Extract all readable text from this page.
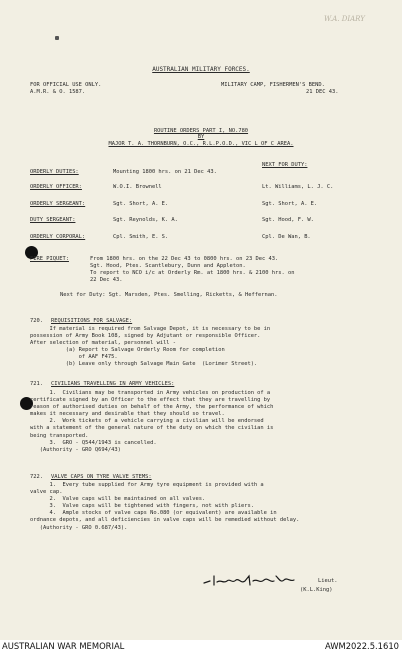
W.A. DIARY
AUSTRALIAN MILITARY FORCES.
FOR OFFICIAL USE ONLY.
A.M.R. & O. 1587.
MILITARY CAMP, FISHERMEN'S BEND.
21 DEC 43.
ROUTINE ORDERS PART I, NO.780
BY
MAJOR T. A. THORNBURN, O.C., R.L.P.O.D., VIC L OF C AREA.
NEXT FOR DUTY:
ORDERLY DUTIES:	Mounting 1800 hrs. on 21 Dec 43.
ORDERLY OFFICER:	W.O.I. Brownell	Lt. Williams, L. J. C.
ORDERLY SERGEANT:	Sgt. Short, A. E.	Sgt. Short, A. E.
DUTY SERGEANT:	Sgt. Reynolds, K. A.	Sgt. Hood, F. W.
ORDERLY CORPORAL:	Cpl. Smith, E. S.	Cpl. De Wan, B.
FIRE PIQUET:	From 1800 hrs. on the 22 Dec 43 to 0800 hrs. on 23 Dec 43.
Sgt. Hood, Ptes. Scantlebury, Dunn and Appleton.
To report to NCO i/c at Orderly Rm. at 1800 hrs. & 2100 hrs. on
22 Dec 43.
Next for Duty: Sgt. Marsden, Ptes. Smelling, Ricketts, & Heffernan.
720. REQUISITIONS FOR SALVAGE:
If material is required from Salvage Depot, it is necessary to be in
possession of Army Book 108, signed by Adjutant or responsible Officer.
After selection of material, personnel will -
(a) Report to Salvage Orderly Room for completion
of AAF F475.
(b) Leave only through Salvage Main Gate  (Lorimer Street).
721. CIVILIANS TRAVELLING IN ARMY VEHICLES:
1.  Civilians may be transported in Army vehicles on production of a
certificate signed by an Officer to the effect that they are travelling by
reason of authorised duties on behalf of the Army, the performance of which
makes it necessary and desirable that they should so travel.
2.  Work tickets of a vehicle carrying a civilian will be endorsed
with a statement of the general nature of the duty on which the civilian is
being transported.
3.  GRO - Q544/1943 is cancelled.
(Authority - GRO Q694/43)
722. VALVE CAPS ON TYRE VALVE STEMS:
1.  Every tube supplied for Army tyre equipment is provided with a
valve cap.
2.  Valve caps will be maintained on all valves.
3.  Valve caps will be tightened with fingers, not with pliers.
4.  Ample stocks of valve caps No.080 (or equivalent) are available in
ordnance depots, and all deficiencies in valve caps will be remedied without delay.
(Authority - GRO 0.687/43).
Lieut.
(K.L.King)
AUSTRALIAN WAR MEMORIAL	AWM2022.5.1610
